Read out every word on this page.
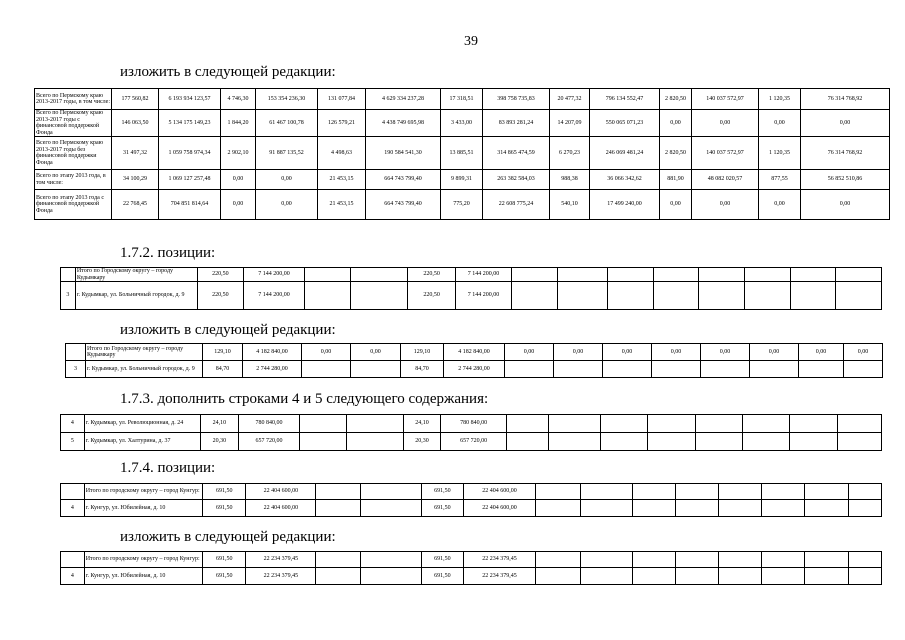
39
изложить в следующей редакции:
Всего по Пермскому краю 2013-2017 годы, в том числе:	177 560,82	6 193 934 123,57	4 746,30	153 354 236,30	131 077,84	4 629 334 237,28	17 318,51	398 758 735,83	20 477,32	796 134 552,47	2 820,50	140 037 572,97	1 120,35	76 314 768,92
Всего по Пермскому краю 2013-2017 годы с финансовой поддержкой Фонда	146 063,50	5 134 175 149,23	1 844,20	61 467 100,78	126 579,21	4 438 749 695,98	3 433,00	83 893 281,24	14 207,09	550 065 071,23	0,00	0,00	0,00	0,00
Всего по Пермскому краю 2013-2017 годы без финансовой поддержки Фонда	31 497,32	1 059 758 974,34	2 902,10	91 887 135,52	4 498,63	190 584 541,30	13 885,51	314 865 474,59	6 270,23	246 069 481,24	2 820,50	140 037 572,97	1 120,35	76 314 768,92
Всего по этапу 2013 года, в том числе:	34 100,29	1 069 127 257,48	0,00	0,00	21 453,15	664 743 799,40	9 899,31	263 382 584,03	988,38	36 066 342,62	881,90	48 082 020,57	877,55	56 852 510,86
Всего по этапу 2013 года с финансовой поддержкой Фонда	22 768,45	704 851 814,64	0,00	0,00	21 453,15	664 743 799,40	775,20	22 608 775,24	540,10	17 499 240,00	0,00	0,00	0,00	0,00
1.7.2. позиции:
	Итого по Городскому округу – городу Кудымкару	220,50	7 144 200,00			220,50	7 144 200,00								
3	г. Кудымкар, ул. Больничный городок, д. 9	220,50	7 144 200,00			220,50	7 144 200,00								
изложить в следующей редакции:
	Итого по Городскому округу – городу Кудымкару	129,10	4 182 840,00	0,00	0,00	129,10	4 182 840,00	0,00	0,00	0,00	0,00	0,00	0,00	0,00	0,00
3	г. Кудымкар, ул. Больничный городок, д. 9	84,70	2 744 280,00			84,70	2 744 280,00								
1.7.3. дополнить строками 4 и 5 следующего содержания:
4	г. Кудымкар, ул. Революционная, д. 24	24,10	780 840,00			24,10	780 840,00								
5	г. Кудымкар, ул. Халтурина, д. 37	20,30	657 720,00			20,30	657 720,00								
1.7.4. позиции:
	Итого по городскому округу – город Кунгур:	691,50	22 404 600,00			691,50	22 404 600,00								
4	г. Кунгур, ул. Юбилейная, д. 10	691,50	22 404 600,00			691,50	22 404 600,00								
изложить в следующей редакции:
	Итого по городскому округу – город Кунгур:	691,50	22 234 379,45			691,50	22 234 379,45								
4	г. Кунгур, ул. Юбилейная, д. 10	691,50	22 234 379,45			691,50	22 234 379,45								
